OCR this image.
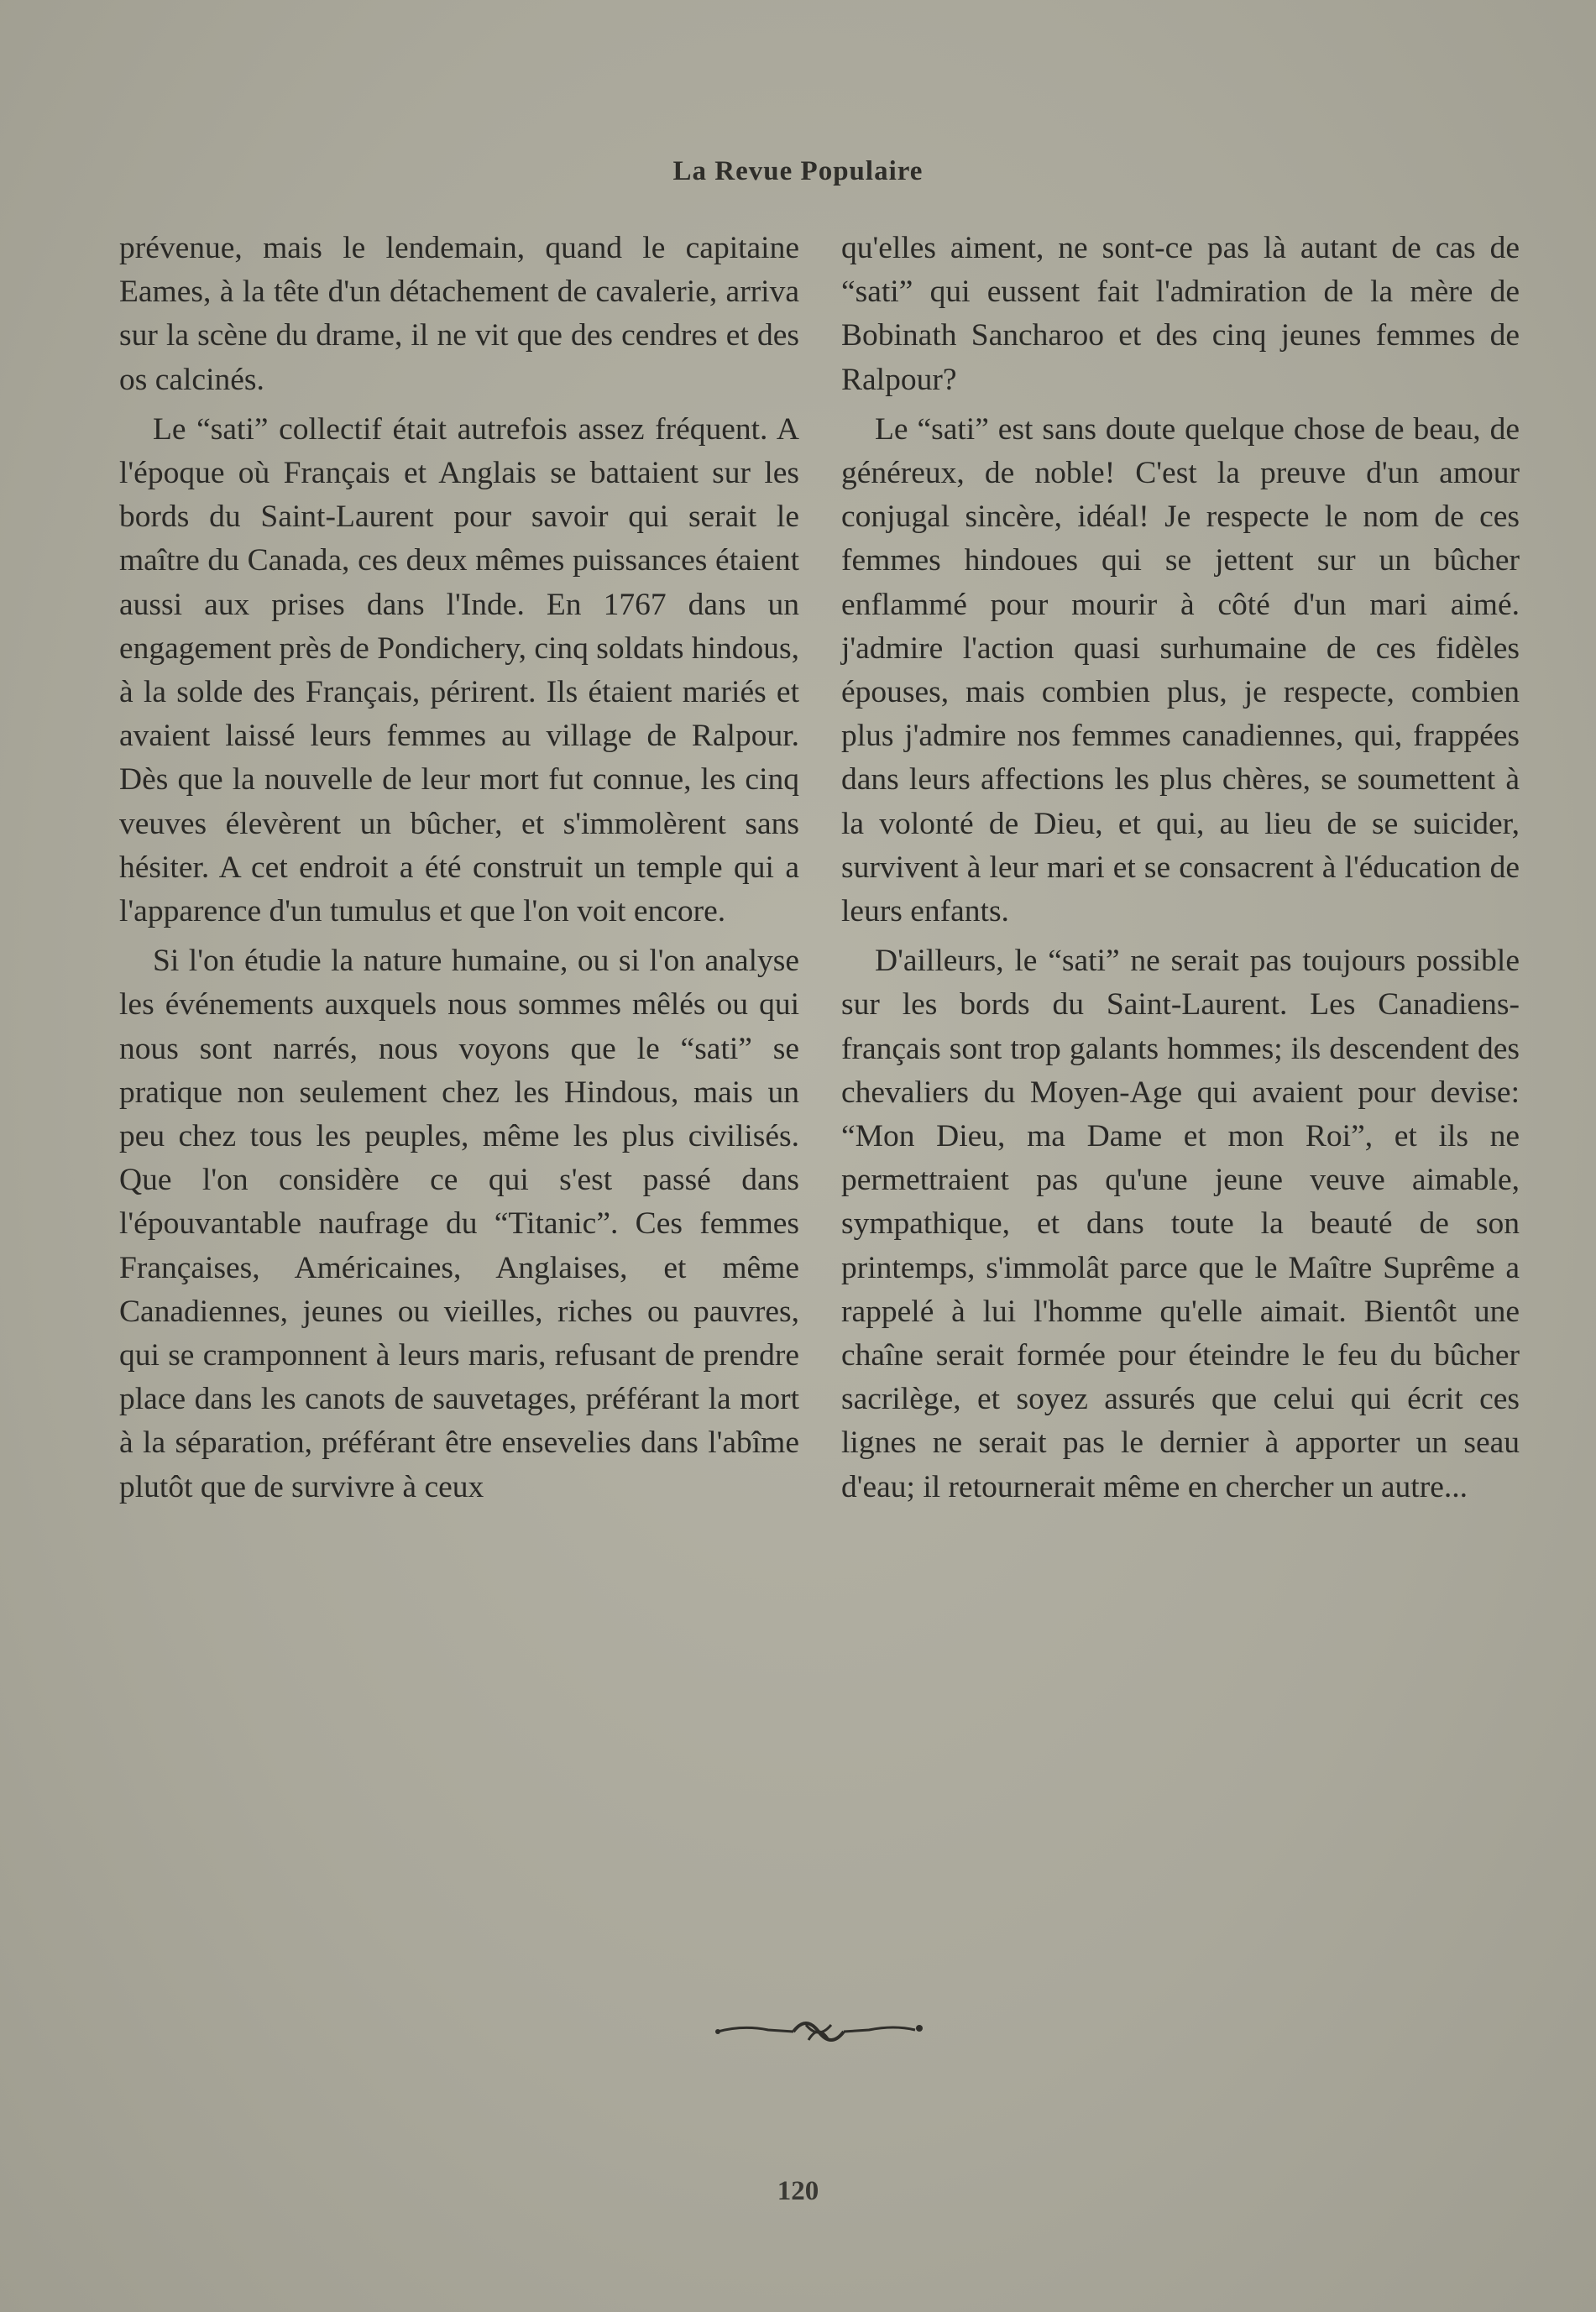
La Revue Populaire

prévenue, mais le lendemain, quand le capitaine Eames, à la tête d'un détachement de cavalerie, arriva sur la scène du drame, il ne vit que des cendres et des os calcinés.

Le “sati” collectif était autrefois assez fréquent. A l'époque où Français et Anglais se battaient sur les bords du Saint-Laurent pour savoir qui serait le maître du Canada, ces deux mêmes puissances étaient aussi aux prises dans l'Inde. En 1767 dans un engagement près de Pondichery, cinq soldats hindous, à la solde des Français, périrent. Ils étaient mariés et avaient laissé leurs femmes au village de Ralpour. Dès que la nouvelle de leur mort fut connue, les cinq veuves élevèrent un bûcher, et s'immolèrent sans hésiter. A cet endroit a été construit un temple qui a l'apparence d'un tumulus et que l'on voit encore.

Si l'on étudie la nature humaine, ou si l'on analyse les événements auxquels nous sommes mêlés ou qui nous sont narrés, nous voyons que le “sati” se pratique non seulement chez les Hindous, mais un peu chez tous les peuples, même les plus civilisés. Que l'on considère ce qui s'est passé dans l'épouvantable naufrage du “Titanic”. Ces femmes Françaises, Américaines, Anglaises, et même Canadiennes, jeunes ou vieilles, riches ou pauvres, qui se cramponnent à leurs maris, refusant de prendre place dans les canots de sauvetages, préférant la mort à la séparation, préférant être ensevelies dans l'abîme plutôt que de survivre à ceux

qu'elles aiment, ne sont-ce pas là autant de cas de “sati” qui eussent fait l'admiration de la mère de Bobinath Sancharoo et des cinq jeunes femmes de Ralpour?

Le “sati” est sans doute quelque chose de beau, de généreux, de noble! C'est la preuve d'un amour conjugal sincère, idéal! Je respecte le nom de ces femmes hindoues qui se jettent sur un bûcher enflammé pour mourir à côté d'un mari aimé. j'admire l'action quasi surhumaine de ces fidèles épouses, mais combien plus, je respecte, combien plus j'admire nos femmes canadiennes, qui, frappées dans leurs affections les plus chères, se soumettent à la volonté de Dieu, et qui, au lieu de se suicider, survivent à leur mari et se consacrent à l'éducation de leurs enfants.

D'ailleurs, le “sati” ne serait pas toujours possible sur les bords du Saint-Laurent. Les Canadiens-français sont trop galants hommes; ils descendent des chevaliers du Moyen-Age qui avaient pour devise: “Mon Dieu, ma Dame et mon Roi”, et ils ne permettraient pas qu'une jeune veuve aimable, sympathique, et dans toute la beauté de son printemps, s'immolât parce que le Maître Suprême a rappelé à lui l'homme qu'elle aimait. Bientôt une chaîne serait formée pour éteindre le feu du bûcher sacrilège, et soyez assurés que celui qui écrit ces lignes ne serait pas le dernier à apporter un seau d'eau; il retournerait même en chercher un autre...

120
